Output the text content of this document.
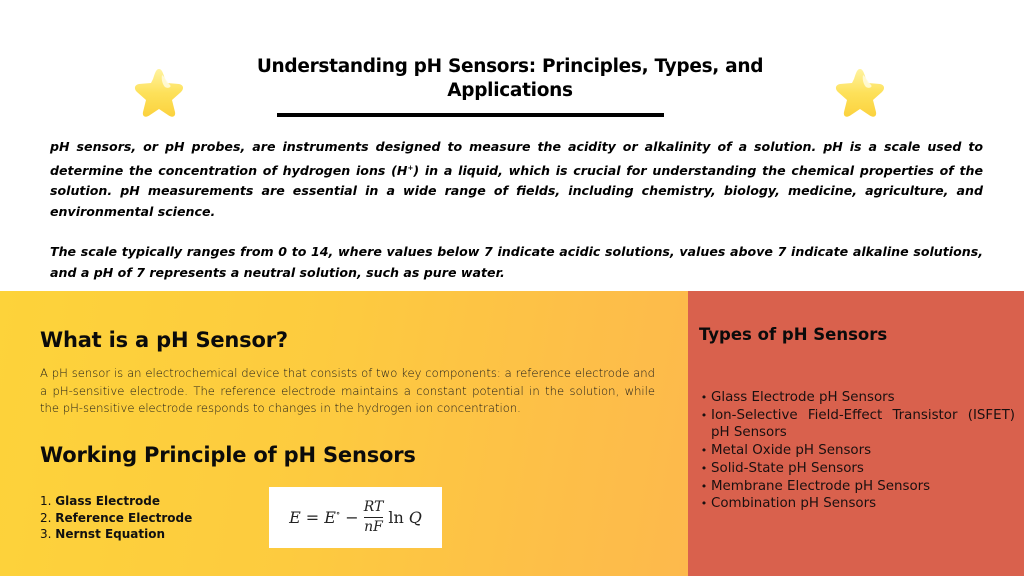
Understanding pH Sensors: Principles, Types, and Applications

pH sensors, or pH probes, are instruments designed to measure the acidity or alkalinity of a solution. pH is a scale used to determine the concentration of hydrogen ions (H+) in a liquid, which is crucial for understanding the chemical properties of the solution. pH measurements are essential in a wide range of fields, including chemistry, biology, medicine, agriculture, and environmental science.

The scale typically ranges from 0 to 14, where values below 7 indicate acidic solutions, values above 7 indicate alkaline solutions, and a pH of 7 represents a neutral solution, such as pure water.

What is a pH Sensor?

A pH sensor is an electrochemical device that consists of two key components: a reference electrode and a pH-sensitive electrode. The reference electrode maintains a constant potential in the solution, while the pH-sensitive electrode responds to changes in the hydrogen ion concentration.

Working Principle of pH Sensors
1. Glass Electrode
2. Reference Electrode
3. Nernst Equation
$E = E^\circ - \frac{RT}{nF}$ ln Q
Types of pH Sensors
• Glass Electrode pH Sensors
• Ion-Selective Field-Effect Transistor (ISFET) pH Sensors
• Metal Oxide pH Sensors
• Solid-State pH Sensors
• Membrane Electrode pH Sensors
• Combination pH Sensors
